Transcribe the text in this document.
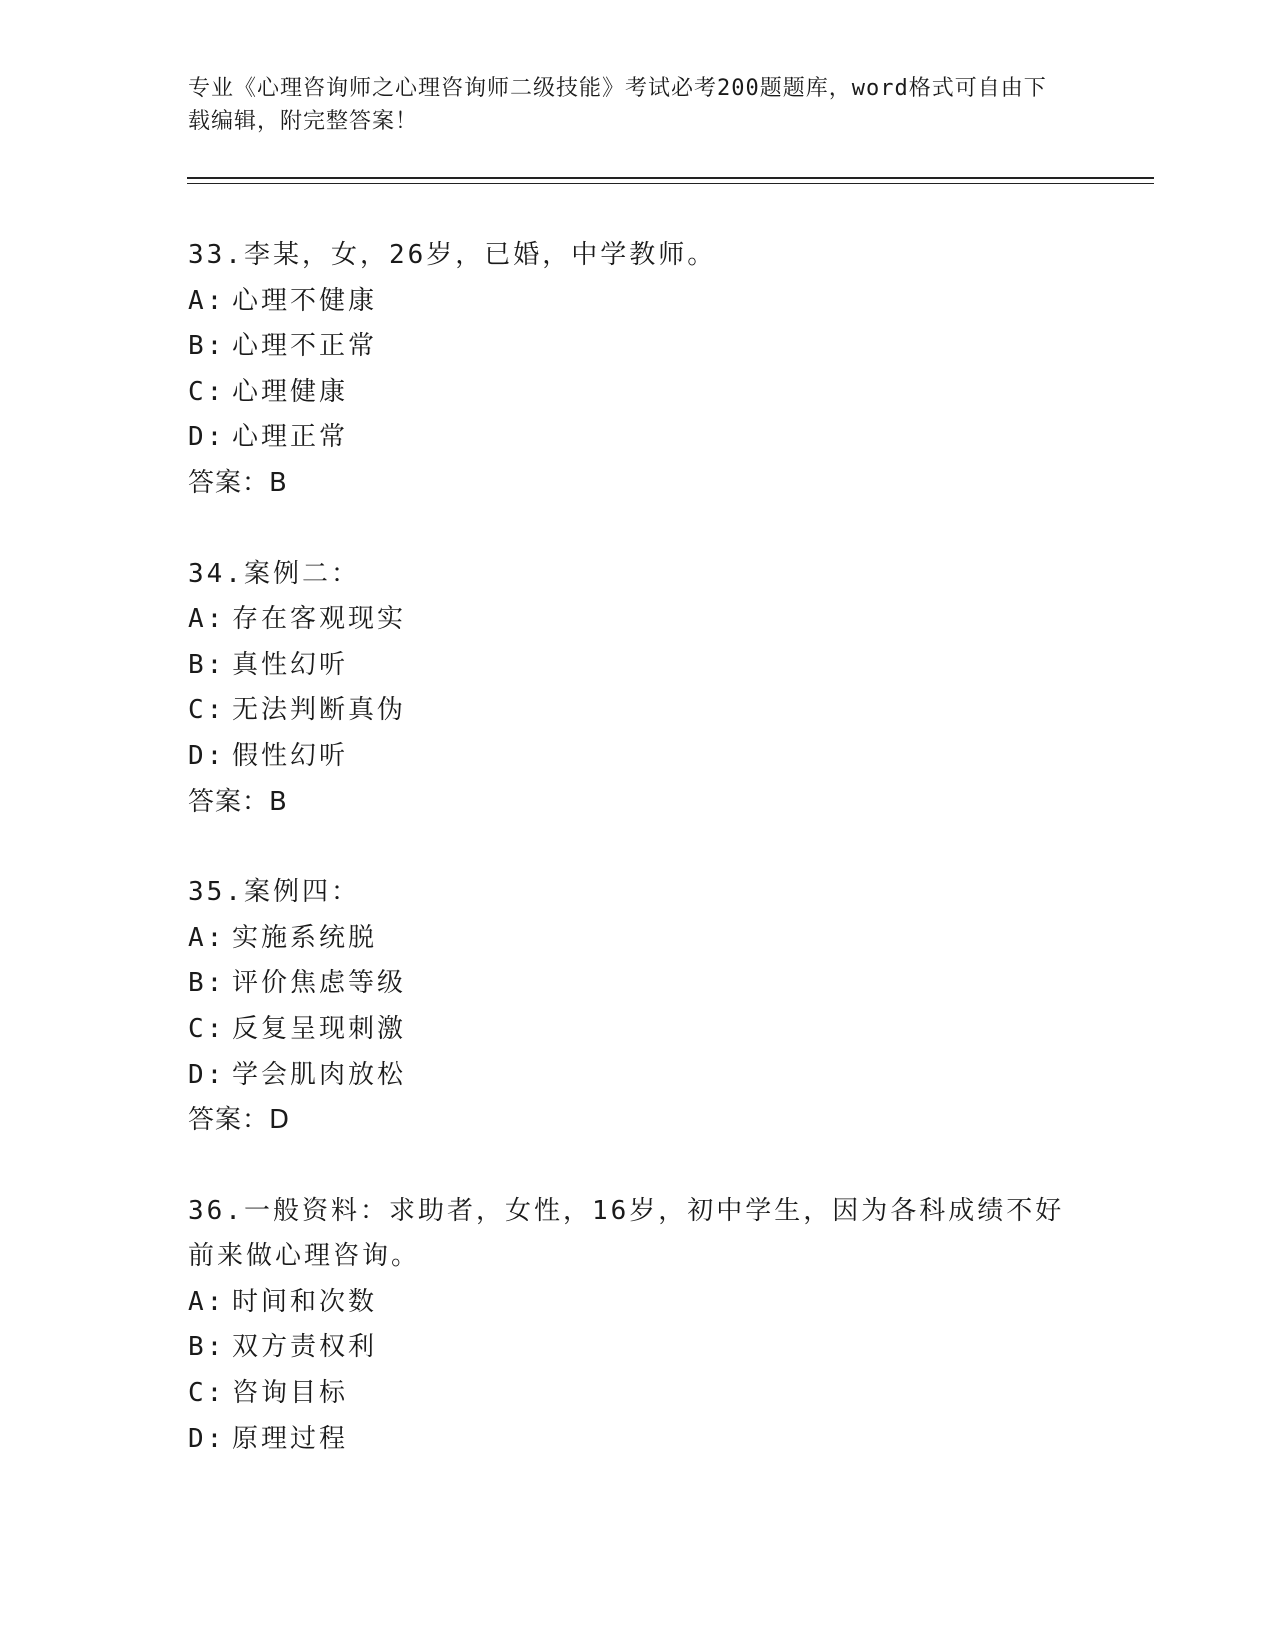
专业《心理咨询师之心理咨询师二级技能》考试必考200题题库，word格式可自由下载编辑，附完整答案！
33.李某，女，26岁，已婚，中学教师。
A: 心理不健康
B: 心理不正常
C: 心理健康
D: 心理正常
答案：B
34.案例二：
A: 存在客观现实
B: 真性幻听
C: 无法判断真伪
D: 假性幻听
答案：B
35.案例四：
A: 实施系统脱
B: 评价焦虑等级
C: 反复呈现刺激
D: 学会肌肉放松
答案：D
36.一般资料：求助者，女性，16岁，初中学生，因为各科成绩不好前来做心理咨询。
A: 时间和次数
B: 双方责权利
C: 咨询目标
D: 原理过程
